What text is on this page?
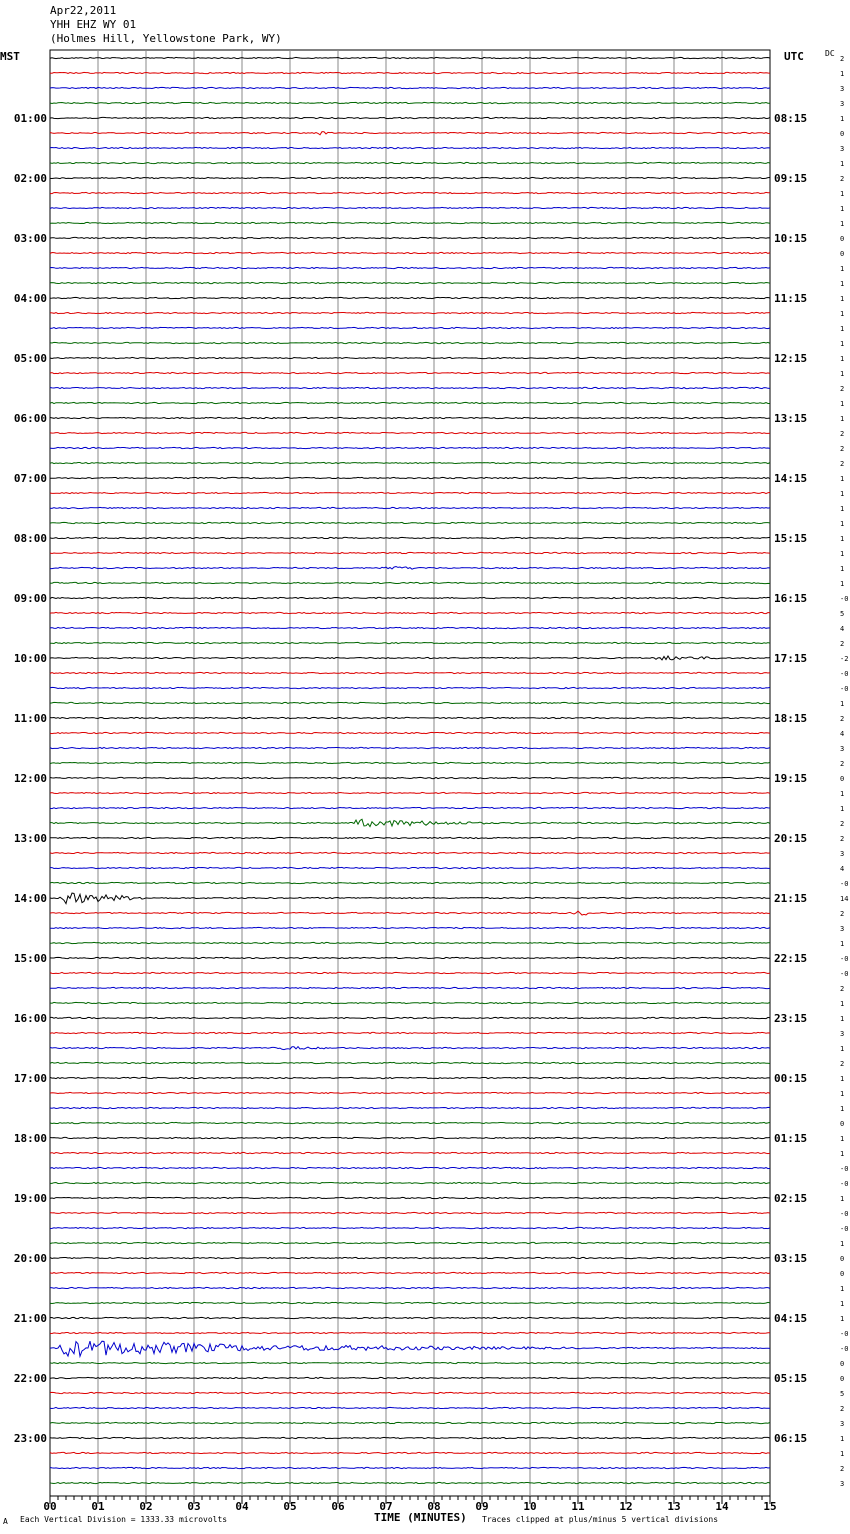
Apr22,2011
YHH EHZ WY 01
(Holmes Hill, Yellowstone Park, WY)
MST	UTC	DC
2
1
3
3
1
0
3
1
2
1
1
1
0
0
1
1
1
1
1
1
1
1
2
1
1
2
2
2
1
1
1
1
1
1
1
1
-0
5
4
2
-2
-0
-0
1
2
4
3
2
0
1
1
2
2
3
4
-0
14
2
3
1
-0
-0
2
1
1
3
1
2
1
1
1
0
1
1
-0
-0
1
-0
-0
1
0
0
1
1
1
-0
-0
0
0
5
2
3
1
1
2
3
01:00
02:00
03:00
04:00
05:00
06:00
07:00
08:00
09:00
10:00
11:00
12:00
13:00
14:00
15:00
16:00
17:00
18:00
19:00
20:00
21:00
22:00
23:00
08:15
09:15
10:15
11:15
12:15
13:15
14:15
15:15
16:15
17:15
18:15
19:15
20:15
21:15
22:15
23:15
00:15
01:15
02:15
03:15
04:15
05:15
06:15
00	01	02	03	04	05	06	07	08	09	10	11	12	13	14	15
TIME (MINUTES)
A Each Vertical Division = 1333.33 microvolts	Traces clipped at plus/minus 5 vertical divisions
